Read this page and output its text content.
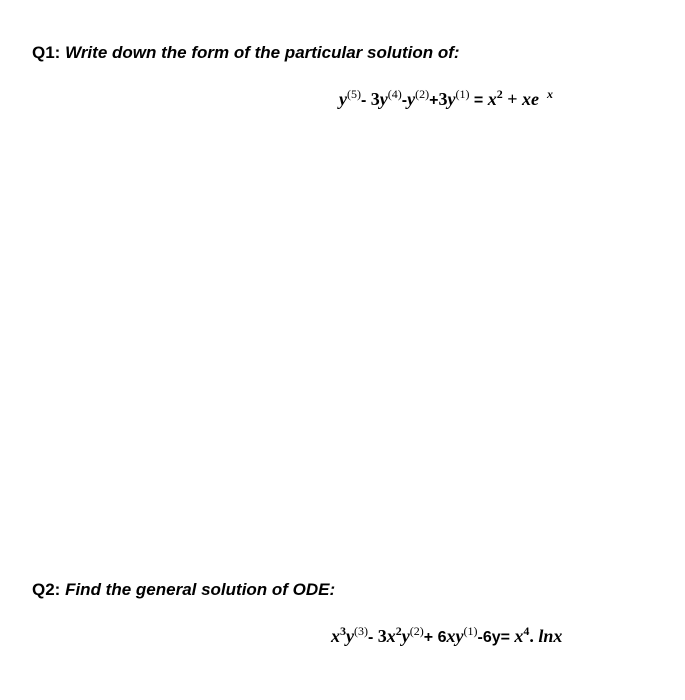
Q1: Write down the form of the particular solution of:
$y^{(5)}-$ $3y^{(4)}-y^{(2)}+3y^{(1)} = x^2$ + xe $^x$
Q2: Find the general solution of ODE:
$x^3y^{(3)}-$ $3x^2y^{(2)}+ 6xy^{(1)}-6y= x^4$. lnx
